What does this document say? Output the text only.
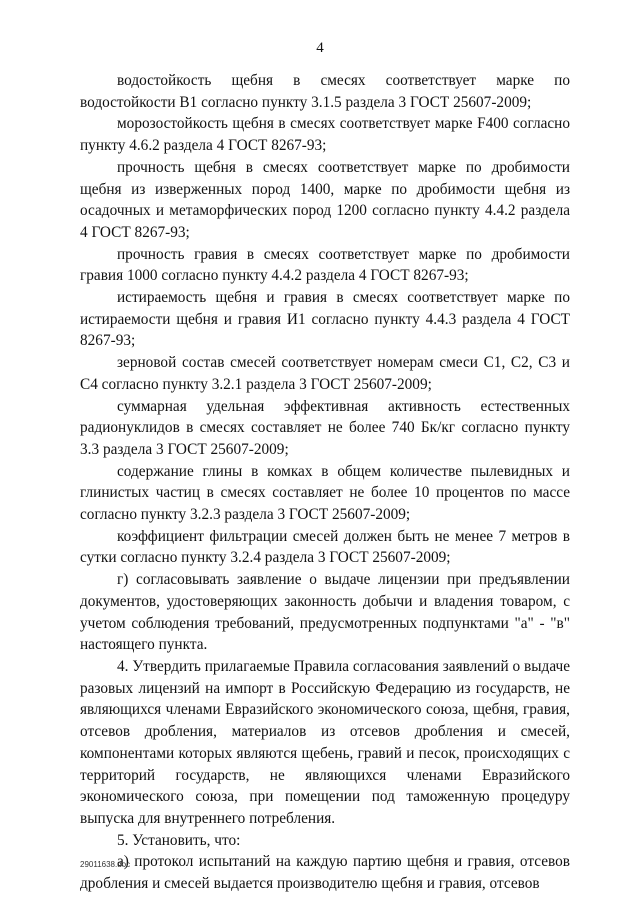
4

водостойкость щебня в смесях соответствует марке по водостойкости В1 согласно пункту 3.1.5 раздела 3 ГОСТ 25607-2009;

морозостойкость щебня в смесях соответствует марке F400 согласно пункту 4.6.2 раздела 4 ГОСТ 8267-93;

прочность щебня в смесях соответствует марке по дробимости щебня из изверженных пород 1400, марке по дробимости щебня из осадочных и метаморфических пород 1200 согласно пункту 4.4.2 раздела 4 ГОСТ 8267-93;

прочность гравия в смесях соответствует марке по дробимости гравия 1000 согласно пункту 4.4.2 раздела 4 ГОСТ 8267-93;

истираемость щебня и гравия в смесях соответствует марке по истираемости щебня и гравия И1 согласно пункту 4.4.3 раздела 4 ГОСТ 8267-93;

зерновой состав смесей соответствует номерам смеси С1, С2, С3 и С4 согласно пункту 3.2.1 раздела 3 ГОСТ 25607-2009;

суммарная удельная эффективная активность естественных радионуклидов в смесях составляет не более 740 Бк/кг согласно пункту 3.3 раздела 3 ГОСТ 25607-2009;

содержание глины в комках в общем количестве пылевидных и глинистых частиц в смесях составляет не более 10 процентов по массе согласно пункту 3.2.3 раздела 3 ГОСТ 25607-2009;

коэффициент фильтрации смесей должен быть не менее 7 метров в сутки согласно пункту 3.2.4 раздела 3 ГОСТ 25607-2009;

г) согласовывать заявление о выдаче лицензии при предъявлении документов, удостоверяющих законность добычи и владения товаром, с учетом соблюдения требований, предусмотренных подпунктами "а" - "в" настоящего пункта.

4. Утвердить прилагаемые Правила согласования заявлений о выдаче разовых лицензий на импорт в Российскую Федерацию из государств, не являющихся членами Евразийского экономического союза, щебня, гравия, отсевов дробления, материалов из отсевов дробления и смесей, компонентами которых являются щебень, гравий и песок, происходящих с территорий государств, не являющихся членами Евразийского экономического союза, при помещении под таможенную процедуру выпуска для внутреннего потребления.

5. Установить, что:

а) протокол испытаний на каждую партию щебня и гравия, отсевов дробления и смесей выдается производителю щебня и гравия, отсевов

29011638.doc
